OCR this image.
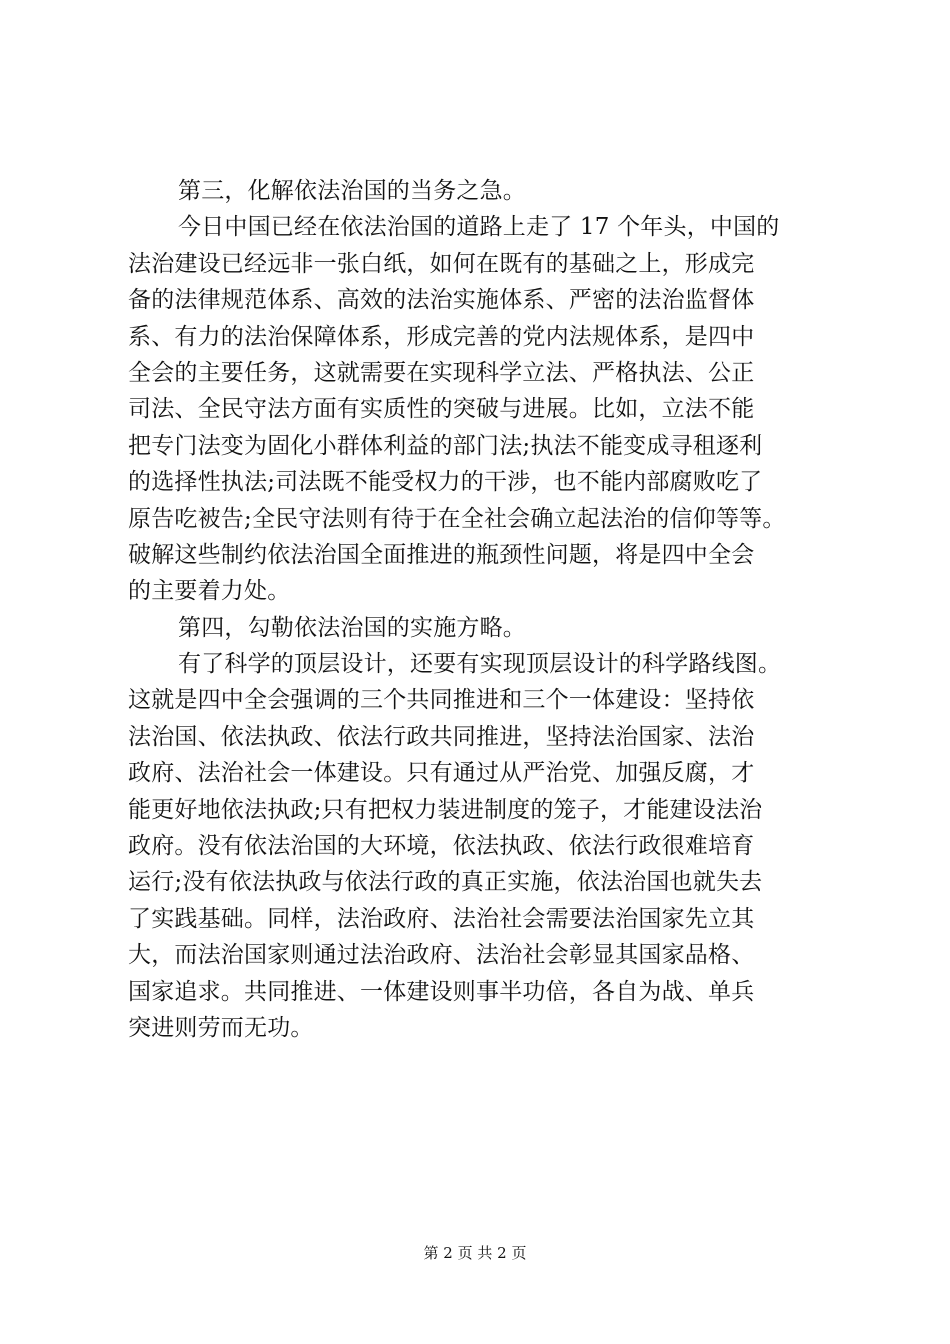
第三，化解依法治国的当务之急。
今日中国已经在依法治国的道路上走了 17 个年头，中国的
法治建设已经远非一张白纸，如何在既有的基础之上，形成完
备的法律规范体系、高效的法治实施体系、严密的法治监督体
系、有力的法治保障体系，形成完善的党内法规体系，是四中
全会的主要任务，这就需要在实现科学立法、严格执法、公正
司法、全民守法方面有实质性的突破与进展。比如，立法不能
把专门法变为固化小群体利益的部门法;执法不能变成寻租逐利
的选择性执法;司法既不能受权力的干涉，也不能内部腐败吃了
原告吃被告;全民守法则有待于在全社会确立起法治的信仰等等。
破解这些制约依法治国全面推进的瓶颈性问题，将是四中全会
的主要着力处。
第四，勾勒依法治国的实施方略。
有了科学的顶层设计，还要有实现顶层设计的科学路线图。
这就是四中全会强调的三个共同推进和三个一体建设：坚持依
法治国、依法执政、依法行政共同推进，坚持法治国家、法治
政府、法治社会一体建设。只有通过从严治党、加强反腐，才
能更好地依法执政;只有把权力装进制度的笼子，才能建设法治
政府。没有依法治国的大环境，依法执政、依法行政很难培育
运行;没有依法执政与依法行政的真正实施，依法治国也就失去
了实践基础。同样，法治政府、法治社会需要法治国家先立其
大，而法治国家则通过法治政府、法治社会彰显其国家品格、
国家追求。共同推进、一体建设则事半功倍，各自为战、单兵
突进则劳而无功。
第 2 页 共 2 页
